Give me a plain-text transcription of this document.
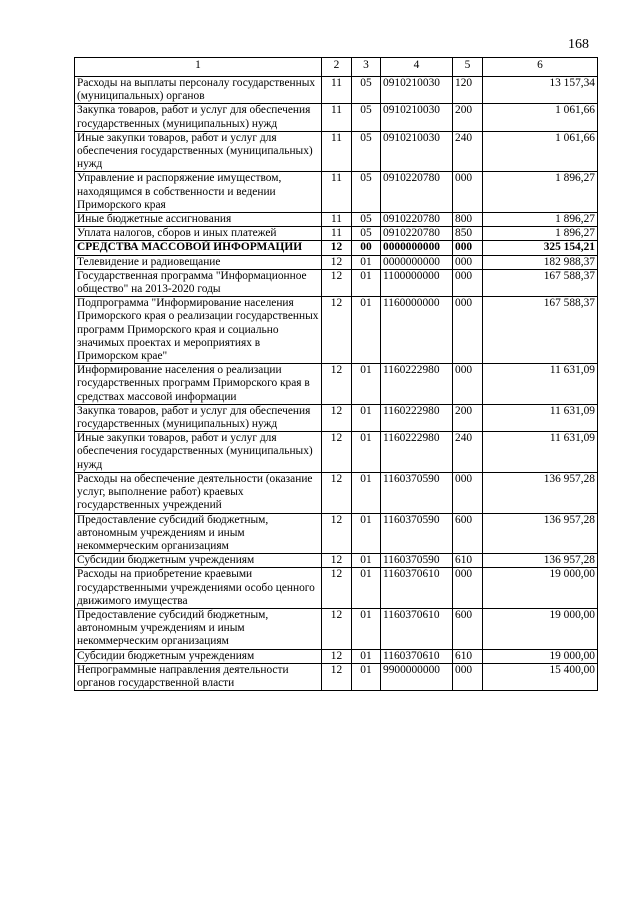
168
1	2	3	4	5	6
Расходы на выплаты персоналу государственных (муниципальных) органов	11	05	0910210030	120	13 157,34
Закупка товаров, работ и услуг для обеспечения государственных (муниципальных) нужд	11	05	0910210030	200	1 061,66
Иные закупки товаров, работ и услуг для обеспечения государственных (муниципальных) нужд	11	05	0910210030	240	1 061,66
Управление и распоряжение имуществом, находящимся в собственности и ведении Приморского края	11	05	0910220780	000	1 896,27
Иные бюджетные ассигнования	11	05	0910220780	800	1 896,27
Уплата налогов, сборов и иных платежей	11	05	0910220780	850	1 896,27
СРЕДСТВА МАССОВОЙ ИНФОРМАЦИИ	12	00	0000000000	000	325 154,21
Телевидение и радиовещание	12	01	0000000000	000	182 988,37
Государственная программа "Информационное общество" на 2013-2020 годы	12	01	1100000000	000	167 588,37
Подпрограмма "Информирование населения Приморского края о реализации государственных программ Приморского края и социально значимых проектах и мероприятиях в Приморском крае"	12	01	1160000000	000	167 588,37
Информирование населения о реализации государственных программ Приморского края в средствах массовой информации	12	01	1160222980	000	11 631,09
Закупка товаров, работ и услуг для обеспечения государственных (муниципальных) нужд	12	01	1160222980	200	11 631,09
Иные закупки товаров, работ и услуг для обеспечения государственных (муниципальных) нужд	12	01	1160222980	240	11 631,09
Расходы на обеспечение деятельности (оказание услуг, выполнение работ) краевых государственных учреждений	12	01	1160370590	000	136 957,28
Предоставление субсидий бюджетным, автономным учреждениям и иным некоммерческим организациям	12	01	1160370590	600	136 957,28
Субсидии бюджетным учреждениям	12	01	1160370590	610	136 957,28
Расходы на приобретение краевыми государственными учреждениями особо ценного движимого имущества	12	01	1160370610	000	19 000,00
Предоставление субсидий бюджетным, автономным учреждениям и иным некоммерческим организациям	12	01	1160370610	600	19 000,00
Субсидии бюджетным учреждениям	12	01	1160370610	610	19 000,00
Непрограммные направления деятельности органов государственной власти	12	01	9900000000	000	15 400,00
